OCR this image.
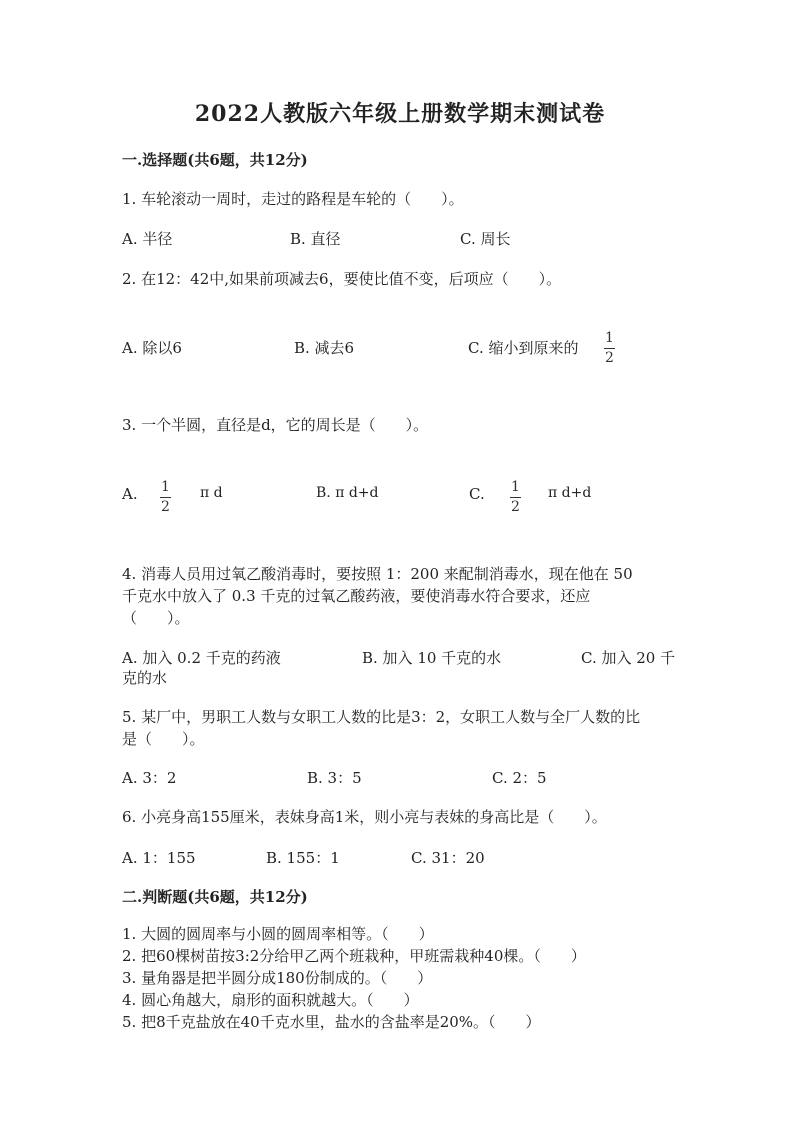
2022人教版六年级上册数学期末测试卷
一.选择题(共6题，共12分)
1. 车轮滚动一周时，走过的路程是车轮的（　　）。
A. 半径	B. 直径	C. 周长
2. 在12：42中,如果前项减去6，要使比值不变，后项应（　　）。
A. 除以6	B. 减去6	C. 缩小到原来的
1
2
3. 一个半圆，直径是d，它的周长是（　　）。
A. 1
2
π d	B. π d+d	C. 1
2
π d+d
4. 消毒人员用过氧乙酸消毒时，要按照 1：200 来配制消毒水，现在他在 50
千克水中放入了 0.3 千克的过氧乙酸药液，要使消毒水符合要求，还应
（　　）。
A. 加入 0.2 千克的药液	B. 加入 10 千克的水	C. 加入 20 千
克的水
5. 某厂中，男职工人数与女职工人数的比是3：2，女职工人数与全厂人数的比
是（　　）。
A. 3：2	B. 3：5	C. 2：5
6. 小亮身高155厘米，表妹身高1米，则小亮与表妹的身高比是（　　）。
A. 1：155	B. 155：1	C. 31：20
二.判断题(共6题，共12分)
1. 大圆的圆周率与小圆的圆周率相等。（　　）
2. 把60棵树苗按3:2分给甲乙两个班栽种，甲班需栽种40棵。（　　）
3. 量角器是把半圆分成180份制成的。（　　）
4. 圆心角越大，扇形的面积就越大。（　　）
5. 把8千克盐放在40千克水里，盐水的含盐率是20%。（　　）
